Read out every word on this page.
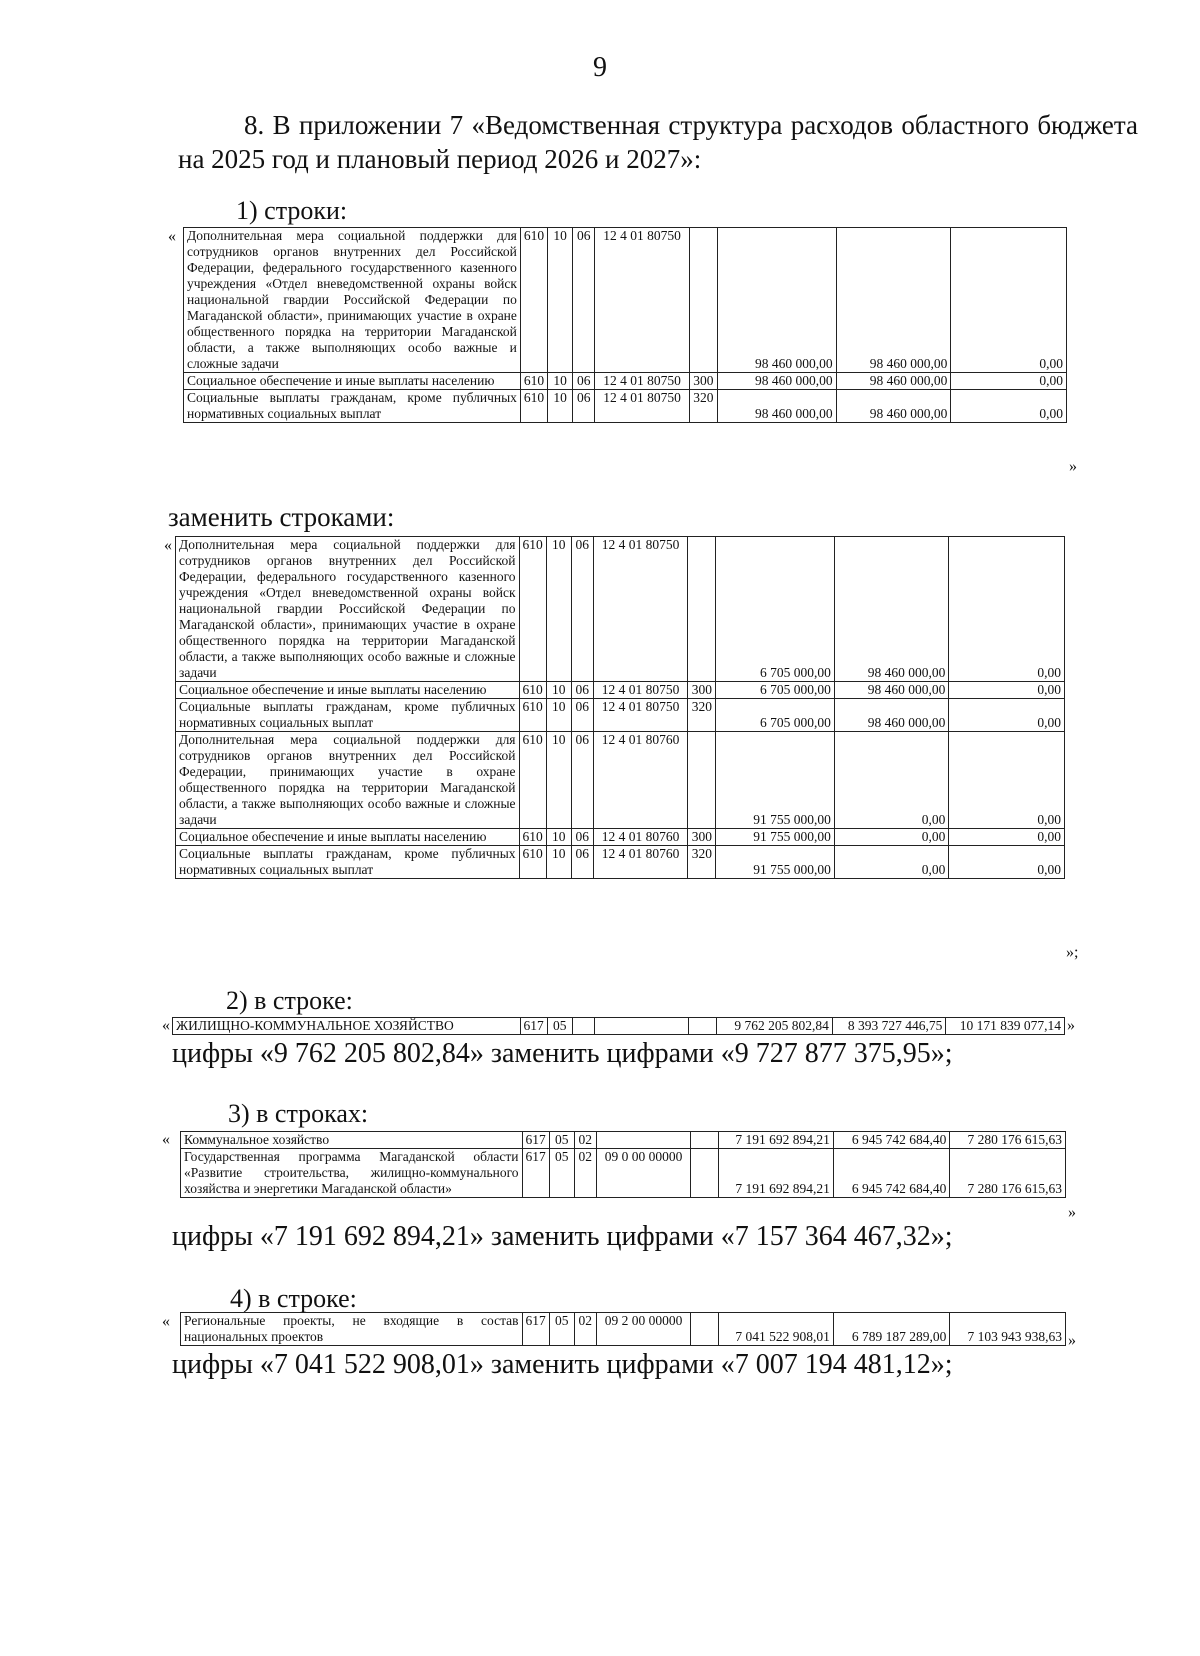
9
8. В приложении 7 «Ведомственная структура расходов областного бюджета на 2025 год и плановый период 2026 и 2027»:
1) строки:
« Дополнительная мера социальной поддержки для сотрудников органов внутренних дел Российской Федерации, федерального государственного казенного учреждения «Отдел вневедомственной охраны войск национальной гвардии Российской Федерации по Магаданской области», принимающих участие в охране общественного порядка на территории Магаданской области, а также выполняющих особо важные и сложные задачи	610	10	06	12 4 01 80750		98 460 000,00	98 460 000,00	0,00
Социальное обеспечение и иные выплаты населению	610	10	06	12 4 01 80750	300	98 460 000,00	98 460 000,00	0,00
Социальные выплаты гражданам, кроме публичных нормативных социальных выплат	610	10	06	12 4 01 80750	320	98 460 000,00	98 460 000,00	0,00
»
заменить строками:
« Дополнительная мера социальной поддержки для сотрудников органов внутренних дел Российской Федерации, федерального государственного казенного учреждения «Отдел вневедомственной охраны войск национальной гвардии Российской Федерации по Магаданской области», принимающих участие в охране общественного порядка на территории Магаданской области, а также выполняющих особо важные и сложные задачи	610	10	06	12 4 01 80750		6 705 000,00	98 460 000,00	0,00
Социальное обеспечение и иные выплаты населению	610	10	06	12 4 01 80750	300	6 705 000,00	98 460 000,00	0,00
Социальные выплаты гражданам, кроме публичных нормативных социальных выплат	610	10	06	12 4 01 80750	320	6 705 000,00	98 460 000,00	0,00
Дополнительная мера социальной поддержки для сотрудников органов внутренних дел Российской Федерации, принимающих участие в охране общественного порядка на территории Магаданской области, а также выполняющих особо важные и сложные задачи	610	10	06	12 4 01 80760		91 755 000,00	0,00	0,00
Социальное обеспечение и иные выплаты населению	610	10	06	12 4 01 80760	300	91 755 000,00	0,00	0,00
Социальные выплаты гражданам, кроме публичных нормативных социальных выплат	610	10	06	12 4 01 80760	320	91 755 000,00	0,00	0,00
»;
2) в строке:
« ЖИЛИЩНО-КОММУНАЛЬНОЕ ХОЗЯЙСТВО	617	05				9 762 205 802,84	8 393 727 446,75	10 171 839 077,14 »
цифры «9 762 205 802,84» заменить цифрами «9 727 877 375,95»;
3) в строках:
« Коммунальное хозяйство	617	05	02			7 191 692 894,21	6 945 742 684,40	7 280 176 615,63
Государственная программа Магаданской области «Развитие строительства, жилищно-коммунального хозяйства и энергетики Магаданской области»	617	05	02	09 0 00 00000		7 191 692 894,21	6 945 742 684,40	7 280 176 615,63
»
цифры «7 191 692 894,21» заменить цифрами «7 157 364 467,32»;
4) в строке:
« Региональные проекты, не входящие в состав национальных проектов	617	05	02	09 2 00 00000		7 041 522 908,01	6 789 187 289,00	7 103 943 938,63 »
цифры «7 041 522 908,01» заменить цифрами «7 007 194 481,12»;
